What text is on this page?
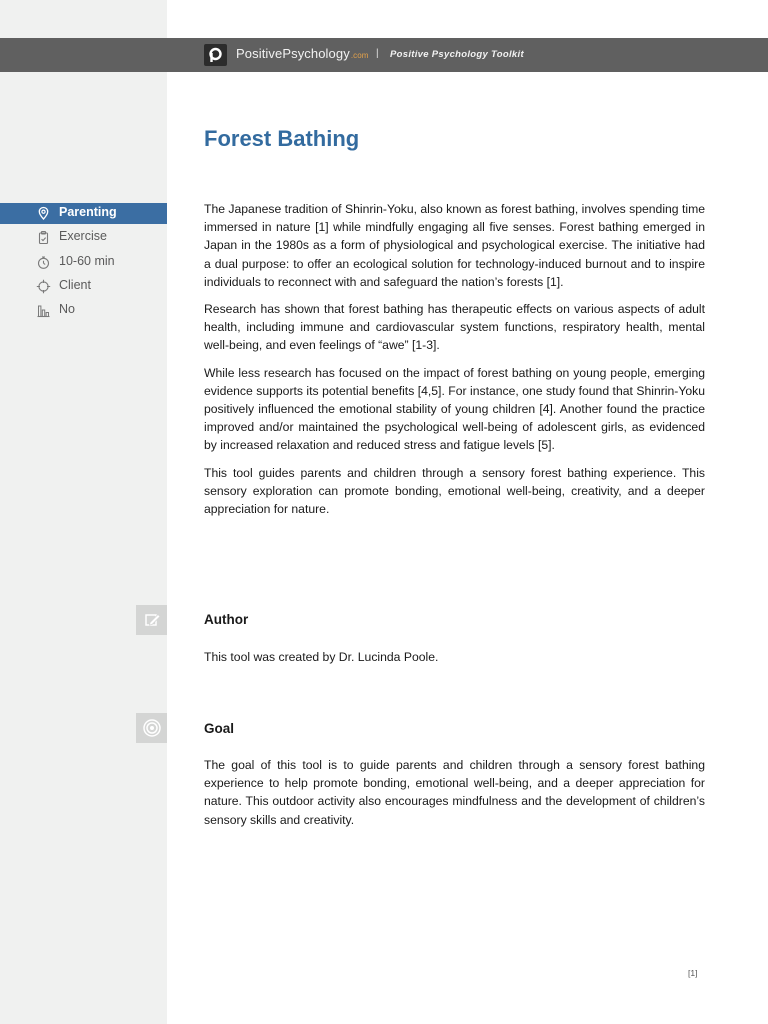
PositivePsychology.com | Positive Psychology Toolkit
Forest Bathing
Parenting
Exercise
10-60 min
Client
No

The Japanese tradition of Shinrin-Yoku, also known as forest bathing, involves spending time immersed in nature [1] while mindfully engaging all five senses. Forest bathing emerged in Japan in the 1980s as a form of physiological and psychological exercise. The initiative had a dual purpose: to offer an ecological solution for technology-induced burnout and to inspire individuals to reconnect with and safeguard the nation’s forests [1].

Research has shown that forest bathing has therapeutic effects on various aspects of adult health, including immune and cardiovascular system functions, respiratory health, mental well-being, and even feelings of “awe” [1-3].

While less research has focused on the impact of forest bathing on young people, emerging evidence supports its potential benefits [4,5]. For instance, one study found that Shinrin-Yoku positively influenced the emotional stability of young children [4]. Another found the practice improved and/or maintained the psychological well-being of adolescent girls, as evidenced by increased relaxation and reduced stress and fatigue levels [5].

This tool guides parents and children through a sensory forest bathing experience. This sensory exploration can promote bonding, emotional well-being, creativity, and a deeper appreciation for nature.

Author
This tool was created by Dr. Lucinda Poole.
Goal
The goal of this tool is to guide parents and children through a sensory forest bathing experience to help promote bonding, emotional well-being, and a deeper appreciation for nature. This outdoor activity also encourages mindfulness and the development of children’s sensory skills and creativity.
[1]
